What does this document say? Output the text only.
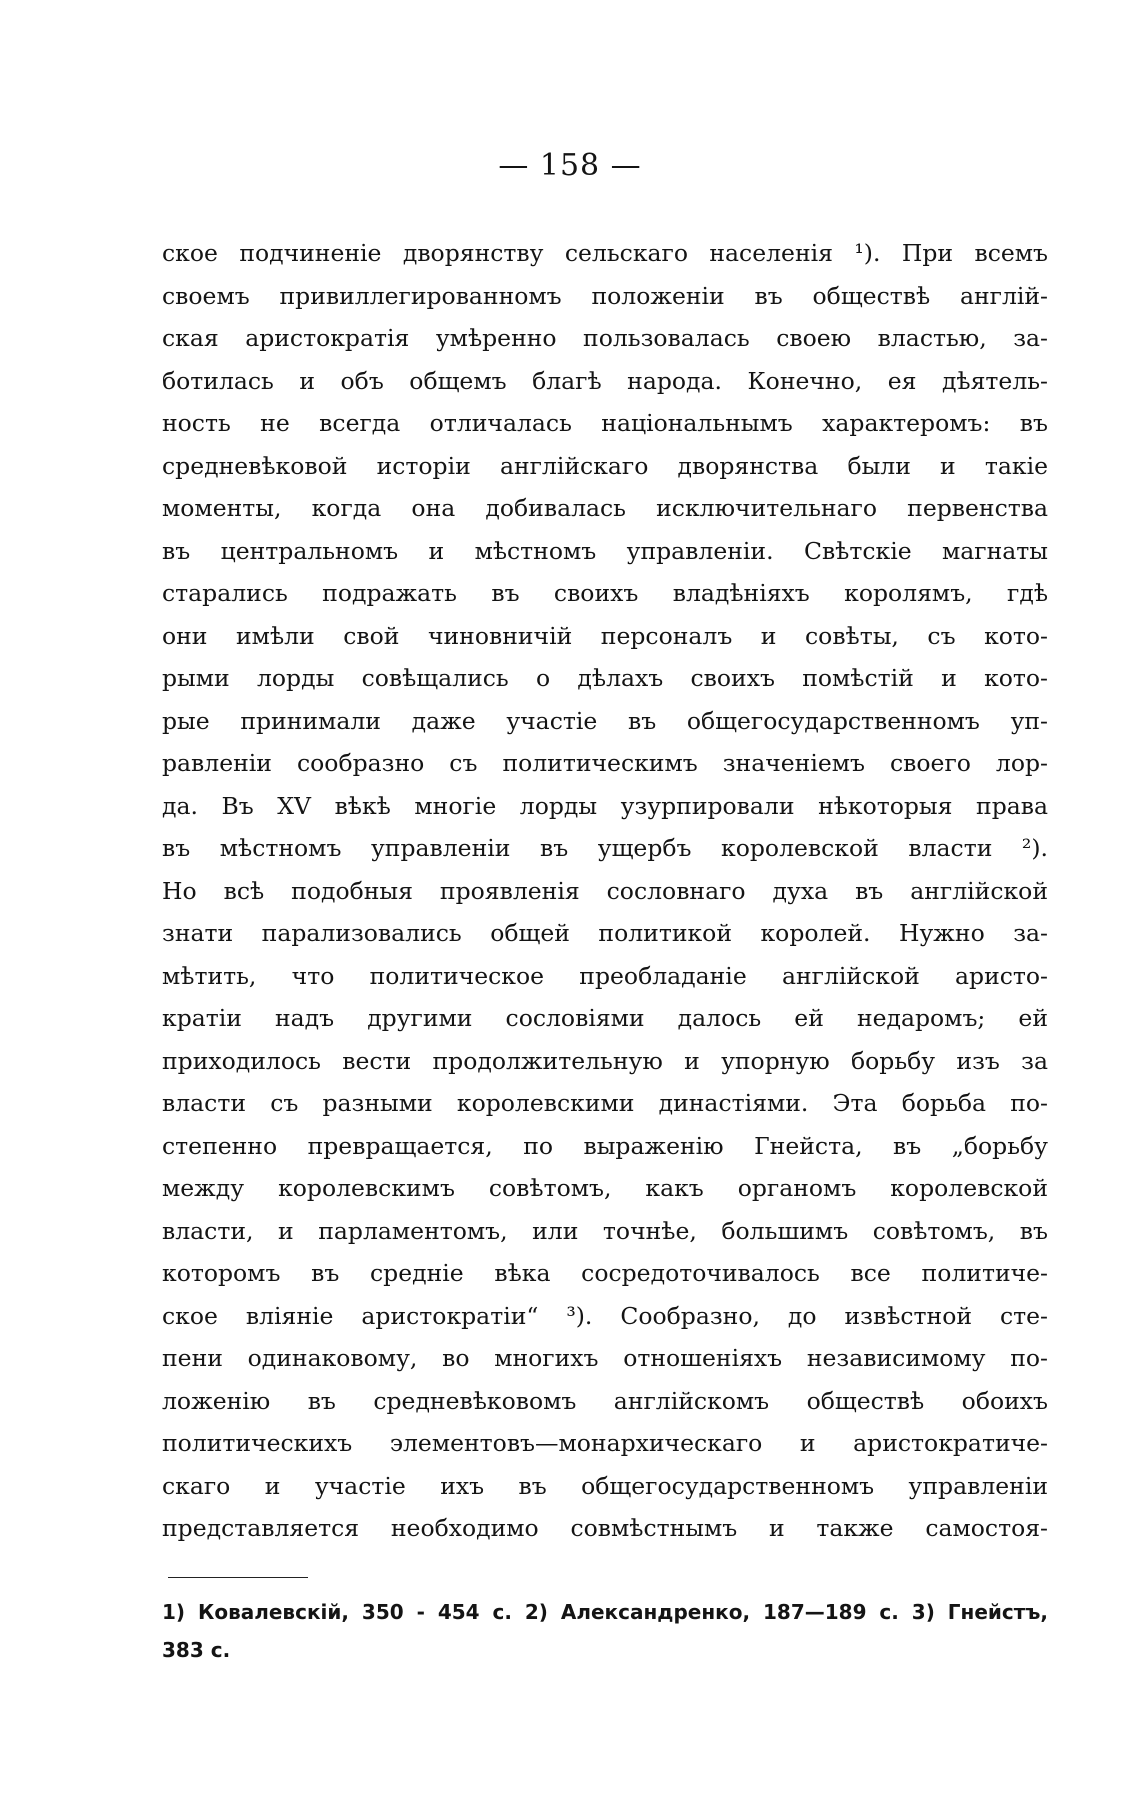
— 158 —
ское подчиненіе дворянству сельскаго населенія ¹). При всемъ
своемъ привиллегированномъ положеніи въ обществѣ англій-
ская аристократія умѣренно пользовалась своею властью, за-
ботилась и объ общемъ благѣ народа. Конечно, ея дѣятель-
ность не всегда отличалась національнымъ характеромъ: въ
средневѣковой исторіи англійскаго дворянства были и такіе
моменты, когда она добивалась исключительнаго первенства
въ центральномъ и мѣстномъ управленіи. Свѣтскіе магнаты
старались подражать въ своихъ владѣніяхъ королямъ, гдѣ
они имѣли свой чиновничій персоналъ и совѣты, съ кото-
рыми лорды совѣщались о дѣлахъ своихъ помѣстій и кото-
рые принимали даже участіе въ общегосударственномъ уп-
равленіи сообразно съ политическимъ значеніемъ своего лор-
да. Въ XV вѣкѣ многіе лорды узурпировали нѣкоторыя права
въ мѣстномъ управленіи въ ущербъ королевской власти ²).
Но всѣ подобныя проявленія сословнаго духа въ англійской
знати парализовались общей политикой королей. Нужно за-
мѣтить, что политическое преобладаніе англійской аристо-
кратіи надъ другими сословіями далось ей недаромъ; ей
приходилось вести продолжительную и упорную борьбу изъ за
власти съ разными королевскими династіями. Эта борьба по-
степенно превращается, по выраженію Гнейста, въ „борьбу
между королевскимъ совѣтомъ, какъ органомъ королевской
власти, и парламентомъ, или точнѣе, большимъ совѣтомъ, въ
которомъ въ средніе вѣка сосредоточивалось все политиче-
ское вліяніе аристократіи“ ³). Сообразно, до извѣстной сте-
пени одинаковому, во многихъ отношеніяхъ независимому по-
ложенію въ средневѣковомъ англійскомъ обществѣ обоихъ
политическихъ элементовъ—монархическаго и аристократиче-
скаго и участіе ихъ въ общегосударственномъ управленіи
представляется необходимо совмѣстнымъ и также самостоя-
1) Ковалевскій, 350 - 454 с. 2) Александренко, 187—189 с. 3) Гнейстъ,
383 с.
